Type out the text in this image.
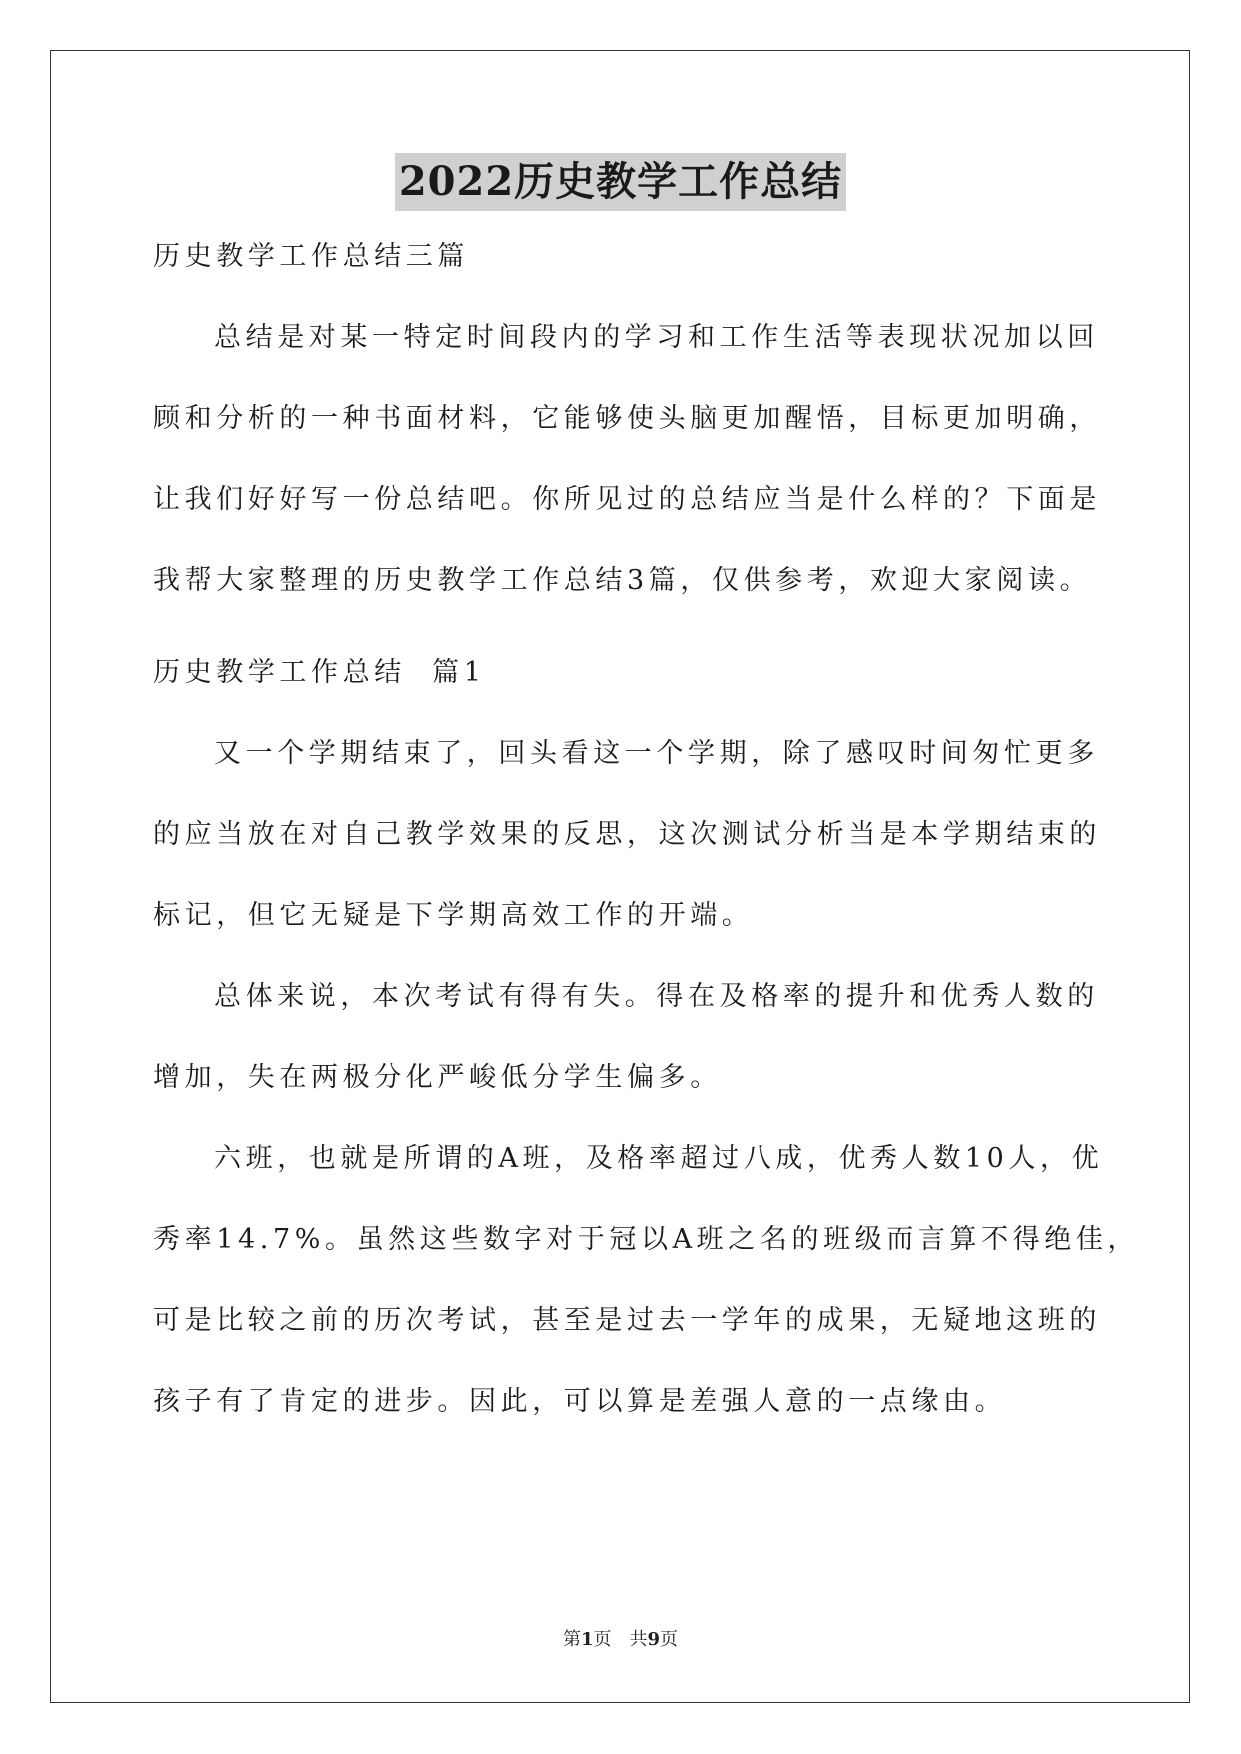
2022历史教学工作总结
历史教学工作总结三篇
总结是对某一特定时间段内的学习和工作生活等表现状况加以回
顾和分析的一种书面材料，它能够使头脑更加醒悟，目标更加明确，
让我们好好写一份总结吧。你所见过的总结应当是什么样的？下面是
我帮大家整理的历史教学工作总结3篇，仅供参考，欢迎大家阅读。
历史教学工作总结  篇1
又一个学期结束了，回头看这一个学期，除了感叹时间匆忙更多
的应当放在对自己教学效果的反思，这次测试分析当是本学期结束的
标记，但它无疑是下学期高效工作的开端。
总体来说，本次考试有得有失。得在及格率的提升和优秀人数的
增加，失在两极分化严峻低分学生偏多。
六班，也就是所谓的A班，及格率超过八成，优秀人数10人，优
秀率14.7%。虽然这些数字对于冠以A班之名的班级而言算不得绝佳，
可是比较之前的历次考试，甚至是过去一学年的成果，无疑地这班的
孩子有了肯定的进步。因此，可以算是差强人意的一点缘由。
第1页 共9页
